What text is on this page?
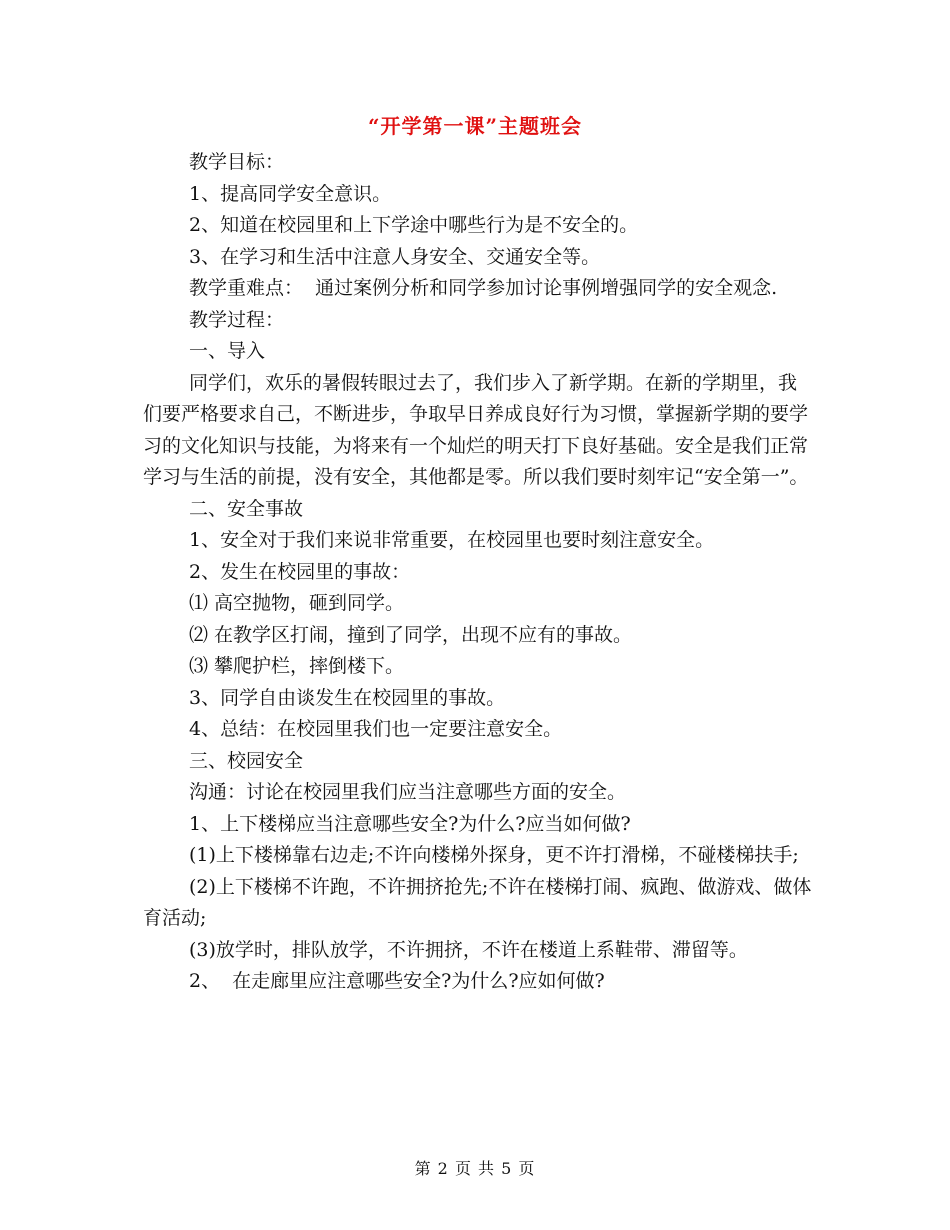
“开学第一课”主题班会

教学目标：

1、提高同学安全意识。

2、知道在校园里和上下学途中哪些行为是不安全的。

3、在学习和生活中注意人身安全、交通安全等。

教学重难点：  通过案例分析和同学参加讨论事例增强同学的安全观念.

教学过程：

一、导入

同学们，欢乐的暑假转眼过去了，我们步入了新学期。在新的学期里，我们要严格要求自己，不断进步，争取早日养成良好行为习惯，掌握新学期的要学习的文化知识与技能，为将来有一个灿烂的明天打下良好基础。安全是我们正常学习与生活的前提，没有安全，其他都是零。所以我们要时刻牢记“安全第一”。

二、安全事故

1、安全对于我们来说非常重要，在校园里也要时刻注意安全。

2、发生在校园里的事故：

⑴ 高空抛物，砸到同学。

⑵ 在教学区打闹，撞到了同学，出现不应有的事故。

⑶ 攀爬护栏，摔倒楼下。

3、同学自由谈发生在校园里的事故。

4、总结：在校园里我们也一定要注意安全。

三、校园安全

沟通：讨论在校园里我们应当注意哪些方面的安全。

1、上下楼梯应当注意哪些安全?为什么?应当如何做?

(1)上下楼梯靠右边走;不许向楼梯外探身，更不许打滑梯，不碰楼梯扶手;

(2)上下楼梯不许跑，不许拥挤抢先;不许在楼梯打闹、疯跑、做游戏、做体育活动;

(3)放学时，排队放学，不许拥挤，不许在楼道上系鞋带、滞留等。

2、  在走廊里应注意哪些安全?为什么?应如何做?

第 2 页 共 5 页
